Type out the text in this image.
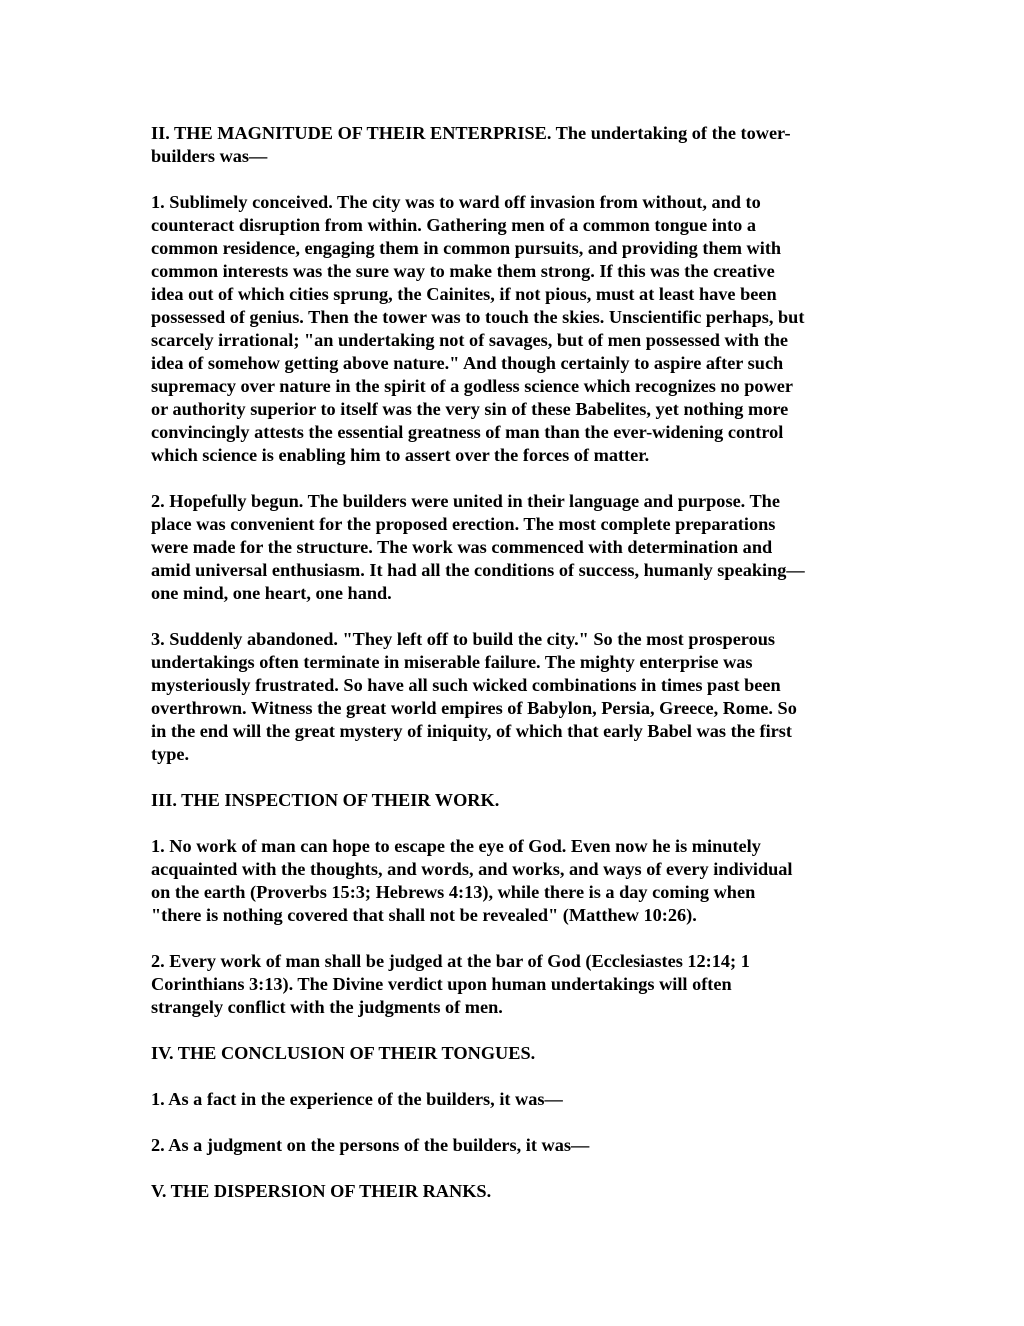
II. THE MAGNITUDE OF THEIR ENTERPRISE. The undertaking of the tower-
builders was—

1. Sublimely conceived. The city was to ward off invasion from without, and to
counteract disruption from within. Gathering men of a common tongue into a
common residence, engaging them in common pursuits, and providing them with
common interests was the sure way to make them strong. If this was the creative
idea out of which cities sprung, the Cainites, if not pious, must at least have been
possessed of genius. Then the tower was to touch the skies. Unscientific perhaps, but
scarcely irrational; "an undertaking not of savages, but of men possessed with the
idea of somehow getting above nature." And though certainly to aspire after such
supremacy over nature in the spirit of a godless science which recognizes no power
or authority superior to itself was the very sin of these Babelites, yet nothing more
convincingly attests the essential greatness of man than the ever-widening control
which science is enabling him to assert over the forces of matter.

2. Hopefully begun. The builders were united in their language and purpose. The
place was convenient for the proposed erection. The most complete preparations
were made for the structure. The work was commenced with determination and
amid universal enthusiasm. It had all the conditions of success, humanly speaking—
one mind, one heart, one hand.

3. Suddenly abandoned. "They left off to build the city." So the most prosperous
undertakings often terminate in miserable failure. The mighty enterprise was
mysteriously frustrated. So have all such wicked combinations in times past been
overthrown. Witness the great world empires of Babylon, Persia, Greece, Rome. So
in the end will the great mystery of iniquity, of which that early Babel was the first
type.

III. THE INSPECTION OF THEIR WORK.

1. No work of man can hope to escape the eye of God. Even now he is minutely
acquainted with the thoughts, and words, and works, and ways of every individual
on the earth (Proverbs 15:3; Hebrews 4:13), while there is a day coming when
"there is nothing covered that shall not be revealed" (Matthew 10:26).

2. Every work of man shall be judged at the bar of God (Ecclesiastes 12:14; 1
Corinthians 3:13). The Divine verdict upon human undertakings will often
strangely conflict with the judgments of men.

IV. THE CONCLUSION OF THEIR TONGUES.

1. As a fact in the experience of the builders, it was—

2. As a judgment on the persons of the builders, it was—

V. THE DISPERSION OF THEIR RANKS.
